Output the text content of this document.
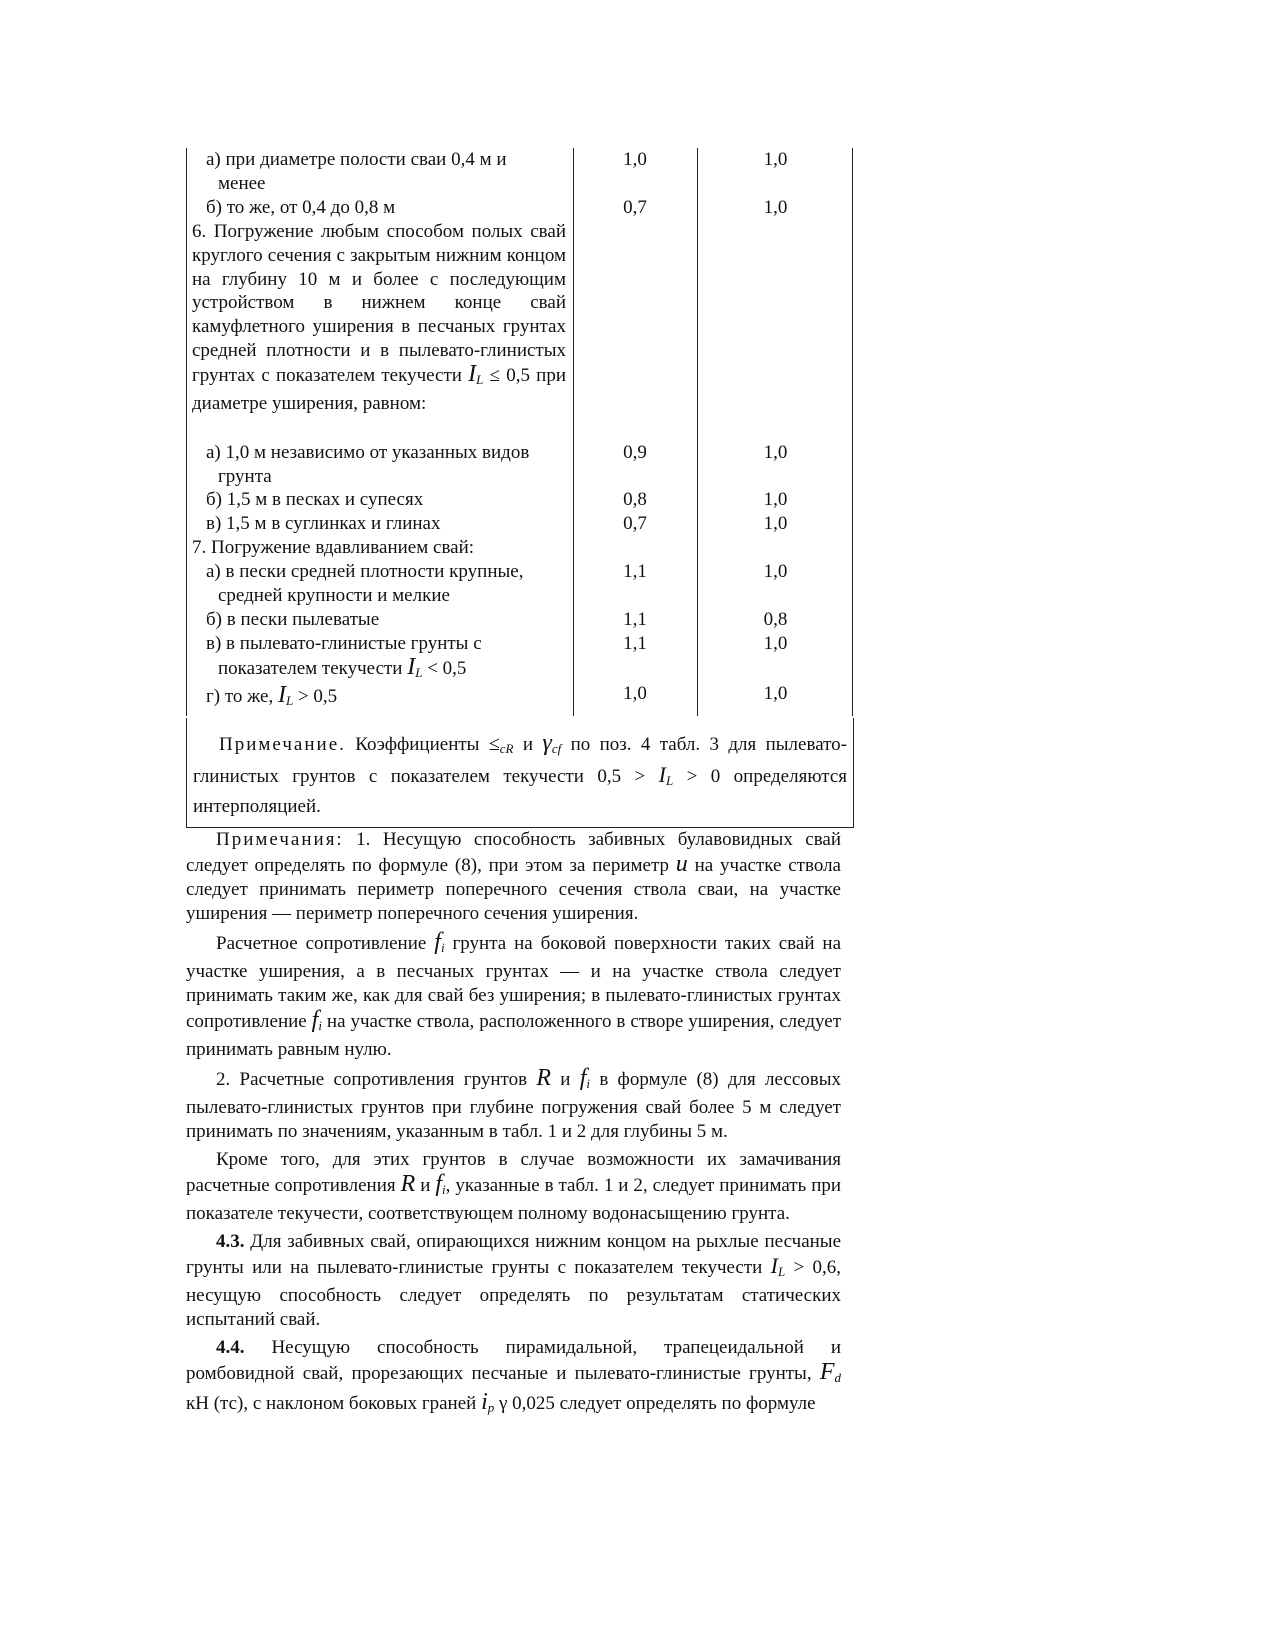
а) при диаметре полости сваи 0,4 м и
менее
1,0	1,0
б) то же, от 0,4 до 0,8 м	0,7	1,0
6. Погружение любым способом полых свай круглого сечения с закрытым нижним концом на глубину 10 м и более с последующим устройством в нижнем конце свай камуфлетного уширения в песчаных грунтах средней плотности и в пылевато-глинистых грунтах с показателем текучести $I_L \le 0,5$ при диаметре уширения, равном:
а) 1,0 м независимо от указанных видов
грунта
0,9	1,0
б) 1,5 м в песках и супесях	0,8	1,0
в) 1,5 м в суглинках и глинах	0,7	1,0
7. Погружение вдавливанием свай:
а) в пески средней плотности крупные,
средней крупности и мелкие
1,1	1,0
б) в пески пылеватые	1,1	0,8
в) в пылевато-глинистые грунты с
показателем текучести $I_L < 0,5$
1,1	1,0
г) то же, $I_L > 0,5$	1,0	1,0

Примечание. Коэффициенты $\le_{cR}$ и $\gamma_{cf}$ по поз. 4 табл. 3 для пылевато-глинистых грунтов с показателем текучести $0,5 > I_L > 0$ определяются интерполяцией.

Примечания: 1. Несущую способность забивных булавовидных свай следует определять по формуле (8), при этом за периметр u на участке ствола следует принимать периметр поперечного сечения ствола сваи, на участке уширения — периметр поперечного сечения уширения.

Расчетное сопротивление $f_i$ грунта на боковой поверхности таких свай на участке уширения, а в песчаных грунтах — и на участке ствола следует принимать таким же, как для свай без уширения; в пылевато-глинистых грунтах сопротивление $f_i$ на участке ствола, расположенного в створе уширения, следует принимать равным нулю.

2. Расчетные сопротивления грунтов R и $f_i$ в формуле (8) для лессовых пылевато-глинистых грунтов при глубине погружения свай более 5 м следует принимать по значениям, указанным в табл. 1 и 2 для глубины 5 м.

Кроме того, для этих грунтов в случае возможности их замачивания расчетные сопротивления R и $f_i$, указанные в табл. 1 и 2, следует принимать при показателе текучести, соответствующем полному водонасыщению грунта.

4.3. Для забивных свай, опирающихся нижним концом на рыхлые песчаные грунты или на пылевато-глинистые грунты с показателем текучести $I_L > 0,6$, несущую способность следует определять по результатам статических испытаний свай.

4.4. Несущую способность пирамидальной, трапецеидальной и ромбовидной свай, прорезающих песчаные и пылевато-глинистые грунты, $F_d$ кН (тс), с наклоном боковых граней $i_p$ γ 0,025 следует определять по формуле
